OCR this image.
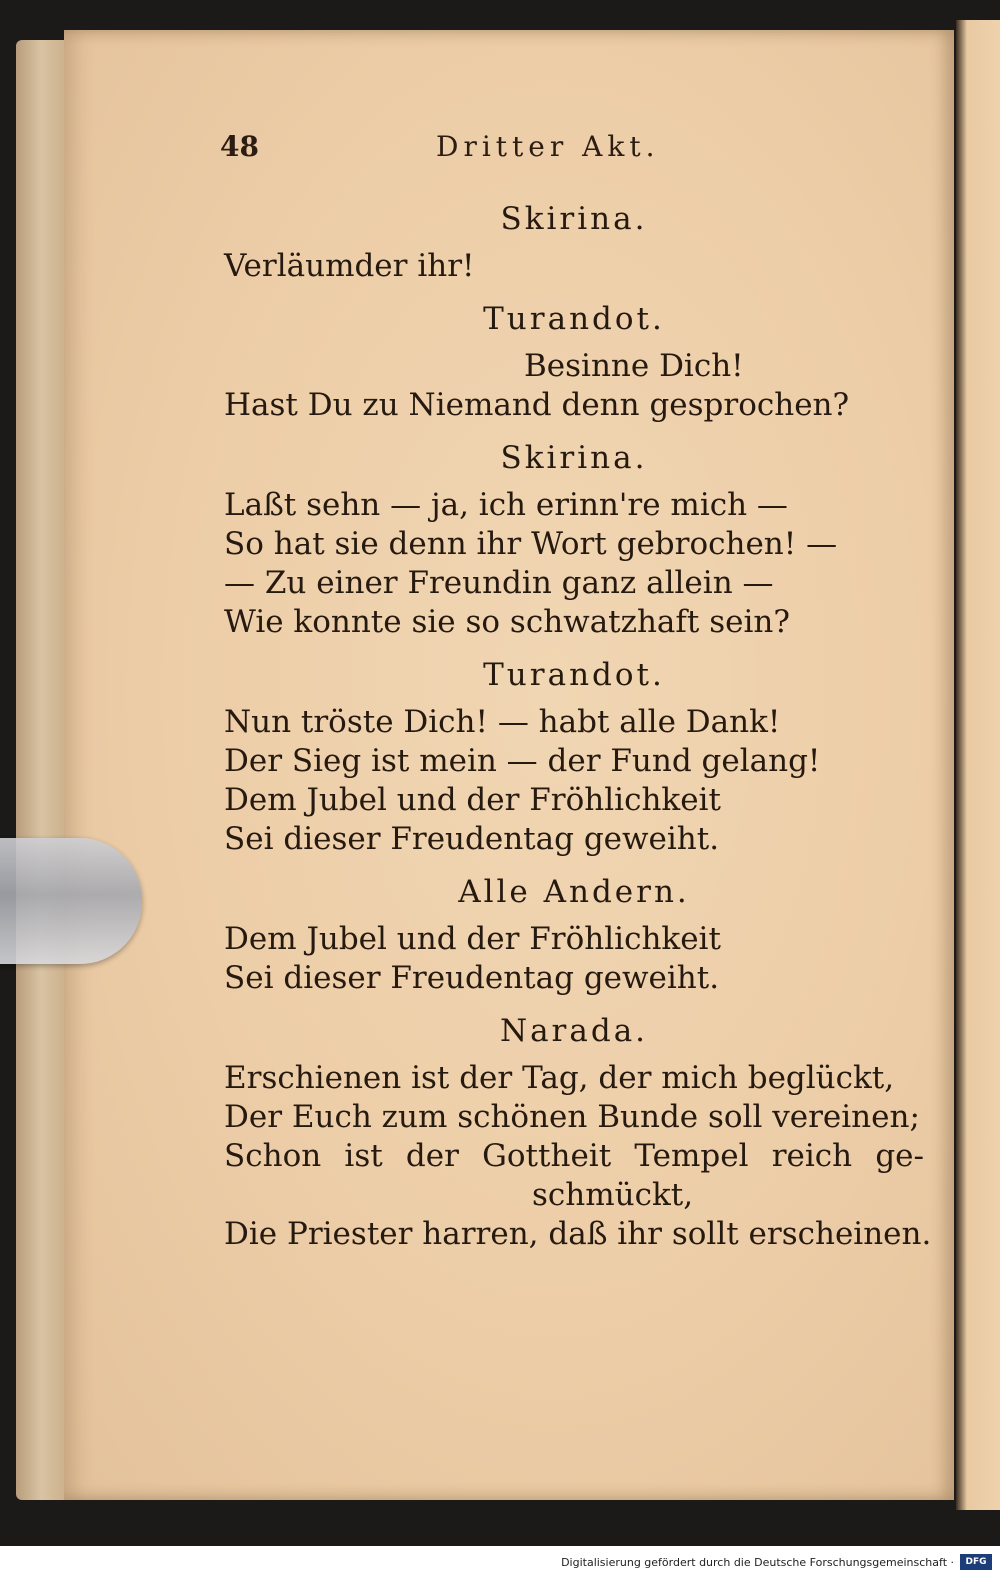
48	Dritter Akt.
Skirina.
Verläumder ihr!
Turandot.
Besinne Dich!
Hast Du zu Niemand denn gesprochen?
Skirina.
Laßt sehn — ja, ich erinn're mich —
So hat sie denn ihr Wort gebrochen! —
— Zu einer Freundin ganz allein —
Wie konnte sie so schwatzhaft sein?
Turandot.
Nun tröste Dich! — habt alle Dank!
Der Sieg ist mein — der Fund gelang!
Dem Jubel und der Fröhlichkeit
Sei dieser Freudentag geweiht.
Alle Andern.
Dem Jubel und der Fröhlichkeit
Sei dieser Freudentag geweiht.
Narada.
Erschienen ist der Tag, der mich beglückt,
Der Euch zum schönen Bunde soll vereinen;
Schon ist der Gottheit Tempel reich ge-
schmückt,
Die Priester harren, daß ihr sollt erscheinen.
Digitalisierung gefördert durch die Deutsche Forschungsgemeinschaft ·	DFG
